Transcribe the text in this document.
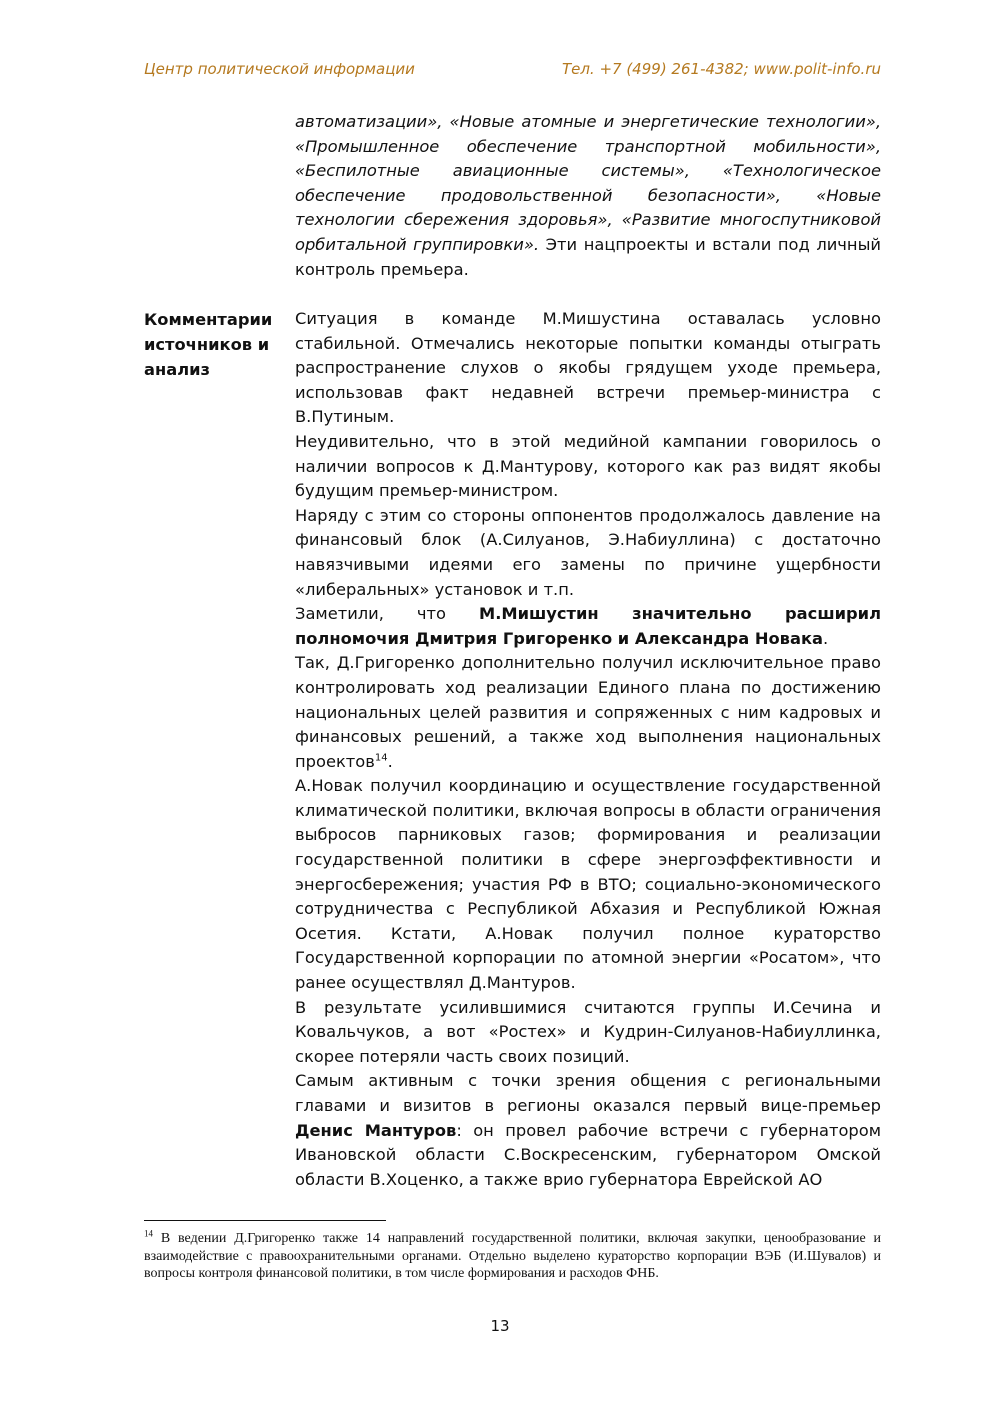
Центр политической информации	Тел. +7 (499) 261-4382; www.polit-info.ru
автоматизации», «Новые атомные и энергетические технологии», «Промышленное обеспечение транспортной мобильности», «Беспилотные авиационные системы», «Технологическое обеспечение продовольственной безопасности», «Новые технологии сбережения здоровья», «Развитие многоспутниковой орбитальной группировки». Эти нацпроекты и встали под личный контроль премьера.
Комментарии источников и анализ

Ситуация в команде М.Мишустина оставалась условно стабильной. Отмечались некоторые попытки команды отыграть распространение слухов о якобы грядущем уходе премьера, использовав факт недавней встречи премьер-министра с В.Путиным.

Неудивительно, что в этой медийной кампании говорилось о наличии вопросов к Д.Мантурову, которого как раз видят якобы будущим премьер-министром.

Наряду с этим со стороны оппонентов продолжалось давление на финансовый блок (А.Силуанов, Э.Набиуллина) с достаточно навязчивыми идеями его замены по причине ущербности «либеральных» установок и т.п.

Заметили, что М.Мишустин значительно расширил полномочия Дмитрия Григоренко и Александра Новака.

Так, Д.Григоренко дополнительно получил исключительное право контролировать ход реализации Единого плана по достижению национальных целей развития и сопряженных с ним кадровых и финансовых решений, а также ход выполнения национальных проектов$^{14}$.

А.Новак получил координацию и осуществление государственной климатической политики, включая вопросы в области ограничения выбросов парниковых газов; формирования и реализации государственной политики в сфере энергоэффективности и энергосбережения; участия РФ в ВТО; социально-экономического сотрудничества с Республикой Абхазия и Республикой Южная Осетия. Кстати, А.Новак получил полное кураторство Государственной корпорации по атомной энергии «Росатом», что ранее осуществлял Д.Мантуров.

В результате усилившимися считаются группы И.Сечина и Ковальчуков, а вот «Ростех» и Кудрин-Силуанов-Набиуллинка, скорее потеряли часть своих позиций.

Самым активным с точки зрения общения с региональными главами и визитов в регионы оказался первый вице-премьер Денис Мантуров: он провел рабочие встречи с губернатором Ивановской области С.Воскресенским, губернатором Омской области В.Хоценко, а также врио губернатора Еврейской АО

$^{14}$ В ведении Д.Григоренко также 14 направлений государственной политики, включая закупки, ценообразование и взаимодействие с правоохранительными органами. Отдельно выделено кураторство корпорации ВЭБ (И.Шувалов) и вопросы контроля финансовой политики, в том числе формирования и расходов ФНБ.
13
